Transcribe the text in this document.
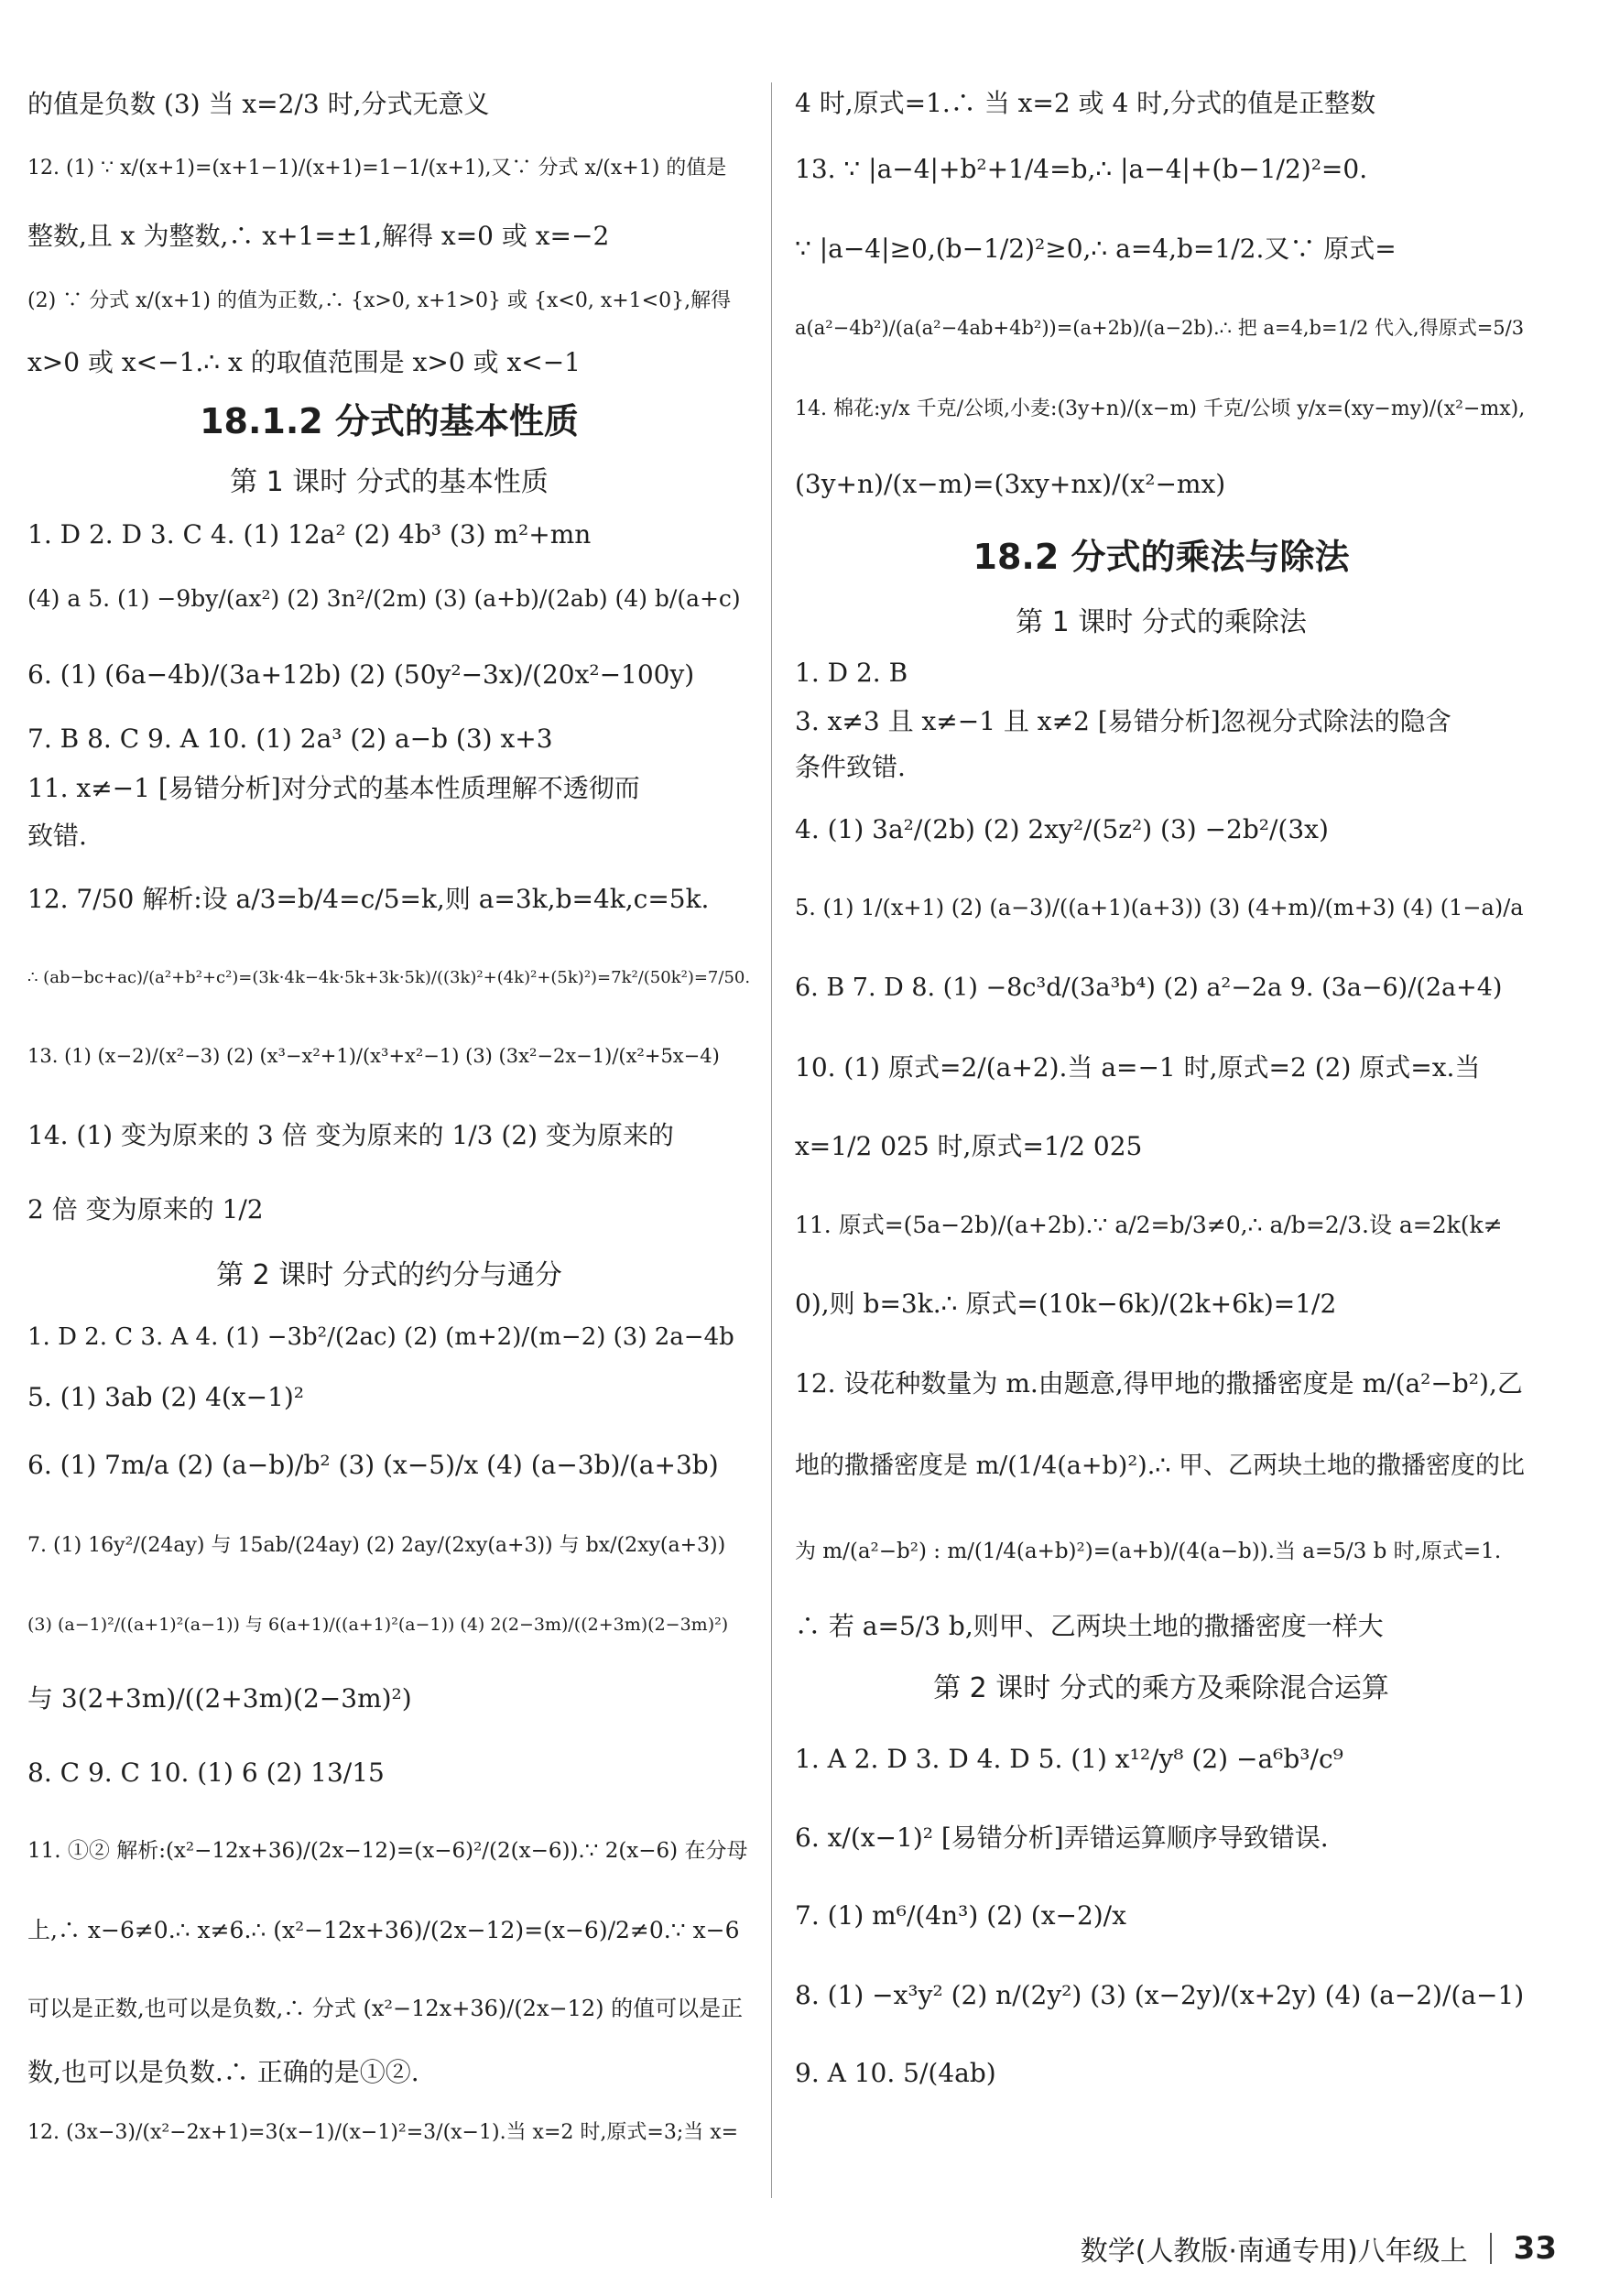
的值是负数 (3) 当 x=2/3 时,分式无意义
12. (1) ∵ x/(x+1)=(x+1−1)/(x+1)=1−1/(x+1),又∵ 分式 x/(x+1) 的值是
整数,且 x 为整数,∴ x+1=±1,解得 x=0 或 x=−2
(2) ∵ 分式 x/(x+1) 的值为正数,∴ {x>0, x+1>0} 或 {x<0, x+1<0},解得
x>0 或 x<−1.∴ x 的取值范围是 x>0 或 x<−1
18.1.2 分式的基本性质
第 1 课时 分式的基本性质
1. D 2. D 3. C 4. (1) 12a² (2) 4b³ (3) m²+mn
(4) a 5. (1) −9by/(ax²) (2) 3n²/(2m) (3) (a+b)/(2ab) (4) b/(a+c)
6. (1) (6a−4b)/(3a+12b) (2) (50y²−3x)/(20x²−100y)
7. B 8. C 9. A 10. (1) 2a³ (2) a−b (3) x+3
11. x≠−1 [易错分析]对分式的基本性质理解不透彻而
致错.
12. 7/50 解析:设 a/3=b/4=c/5=k,则 a=3k,b=4k,c=5k.
∴ (ab−bc+ac)/(a²+b²+c²)=(3k·4k−4k·5k+3k·5k)/((3k)²+(4k)²+(5k)²)=7k²/(50k²)=7/50.
13. (1) (x−2)/(x²−3) (2) (x³−x²+1)/(x³+x²−1) (3) (3x²−2x−1)/(x²+5x−4)
14. (1) 变为原来的 3 倍 变为原来的 1/3 (2) 变为原来的
2 倍 变为原来的 1/2
第 2 课时 分式的约分与通分
1. D 2. C 3. A 4. (1) −3b²/(2ac) (2) (m+2)/(m−2) (3) 2a−4b
5. (1) 3ab (2) 4(x−1)²
6. (1) 7m/a (2) (a−b)/b² (3) (x−5)/x (4) (a−3b)/(a+3b)
7. (1) 16y²/(24ay) 与 15ab/(24ay) (2) 2ay/(2xy(a+3)) 与 bx/(2xy(a+3))
(3) (a−1)²/((a+1)²(a−1)) 与 6(a+1)/((a+1)²(a−1)) (4) 2(2−3m)/((2+3m)(2−3m)²)
与 3(2+3m)/((2+3m)(2−3m)²)
8. C 9. C 10. (1) 6 (2) 13/15
11. ①② 解析:(x²−12x+36)/(2x−12)=(x−6)²/(2(x−6)).∵ 2(x−6) 在分母
上,∴ x−6≠0.∴ x≠6.∴ (x²−12x+36)/(2x−12)=(x−6)/2≠0.∵ x−6
可以是正数,也可以是负数,∴ 分式 (x²−12x+36)/(2x−12) 的值可以是正
数,也可以是负数.∴ 正确的是①②.
12. (3x−3)/(x²−2x+1)=3(x−1)/(x−1)²=3/(x−1).当 x=2 时,原式=3;当 x=
4 时,原式=1.∴ 当 x=2 或 4 时,分式的值是正整数
13. ∵ |a−4|+b²+1/4=b,∴ |a−4|+(b−1/2)²=0.
∵ |a−4|≥0,(b−1/2)²≥0,∴ a=4,b=1/2.又∵ 原式=
a(a²−4b²)/(a(a²−4ab+4b²))=(a+2b)/(a−2b).∴ 把 a=4,b=1/2 代入,得原式=5/3
14. 棉花:y/x 千克/公顷,小麦:(3y+n)/(x−m) 千克/公顷 y/x=(xy−my)/(x²−mx),
(3y+n)/(x−m)=(3xy+nx)/(x²−mx)
18.2 分式的乘法与除法
第 1 课时 分式的乘除法
1. D 2. B
3. x≠3 且 x≠−1 且 x≠2 [易错分析]忽视分式除法的隐含
条件致错.
4. (1) 3a²/(2b) (2) 2xy²/(5z²) (3) −2b²/(3x)
5. (1) 1/(x+1) (2) (a−3)/((a+1)(a+3)) (3) (4+m)/(m+3) (4) (1−a)/a
6. B 7. D 8. (1) −8c³d/(3a³b⁴) (2) a²−2a 9. (3a−6)/(2a+4)
10. (1) 原式=2/(a+2).当 a=−1 时,原式=2 (2) 原式=x.当
x=1/2 025 时,原式=1/2 025
11. 原式=(5a−2b)/(a+2b).∵ a/2=b/3≠0,∴ a/b=2/3.设 a=2k(k≠
0),则 b=3k.∴ 原式=(10k−6k)/(2k+6k)=1/2
12. 设花种数量为 m.由题意,得甲地的撒播密度是 m/(a²−b²),乙
地的撒播密度是 m/(1/4(a+b)²).∴ 甲、乙两块土地的撒播密度的比
为 m/(a²−b²) : m/(1/4(a+b)²)=(a+b)/(4(a−b)).当 a=5/3 b 时,原式=1.
∴ 若 a=5/3 b,则甲、乙两块土地的撒播密度一样大
第 2 课时 分式的乘方及乘除混合运算
1. A 2. D 3. D 4. D 5. (1) x¹²/y⁸ (2) −a⁶b³/c⁹
6. x/(x−1)² [易错分析]弄错运算顺序导致错误.
7. (1) m⁶/(4n³) (2) (x−2)/x
8. (1) −x³y² (2) n/(2y²) (3) (x−2y)/(x+2y) (4) (a−2)/(a−1)
9. A 10. 5/(4ab)
数学(人教版·南通专用)八年级上 33
